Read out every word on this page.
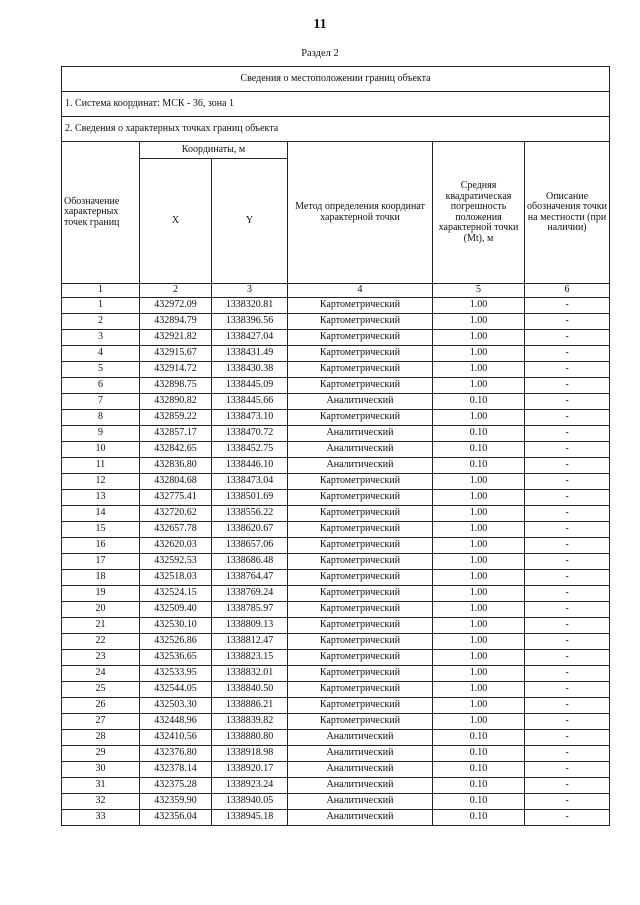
11
Раздел 2
Сведения о местоположении границ объекта					
1. Система координат: МСК - 36, зона 1					
2. Сведения о характерных точках границ объекта					
Обозначение характерных точек границ	Координаты, м		Метод определения координат характерной точки	Средняя квадратическая погрешность положения характерной точки (Mt), м	Описание обозначения точки на местности (при наличии)
	X	Y			
1	2	3	4	5	6
1	432972.09	1338320.81	Картометрический	1.00	-
2	432894.79	1338396.56	Картометрический	1.00	-
3	432921.82	1338427.04	Картометрический	1.00	-
4	432915.67	1338431.49	Картометрический	1.00	-
5	432914.72	1338430.38	Картометрический	1.00	-
6	432898.75	1338445.09	Картометрический	1.00	-
7	432890.82	1338445.66	Аналитический	0.10	-
8	432859.22	1338473.10	Картометрический	1.00	-
9	432857.17	1338470.72	Аналитический	0.10	-
10	432842.65	1338452.75	Аналитический	0.10	-
11	432836.80	1338446.10	Аналитический	0.10	-
12	432804.68	1338473.04	Картометрический	1.00	-
13	432775.41	1338501.69	Картометрический	1.00	-
14	432720.62	1338556.22	Картометрический	1.00	-
15	432657.78	1338620.67	Картометрический	1.00	-
16	432620.03	1338657.06	Картометрический	1.00	-
17	432592.53	1338686.48	Картометрический	1.00	-
18	432518.03	1338764.47	Картометрический	1.00	-
19	432524.15	1338769.24	Картометрический	1.00	-
20	432509.40	1338785.97	Картометрический	1.00	-
21	432530.10	1338809.13	Картометрический	1.00	-
22	432526.86	1338812.47	Картометрический	1.00	-
23	432536.65	1338823.15	Картометрический	1.00	-
24	432533.95	1338832.01	Картометрический	1.00	-
25	432544.05	1338840.50	Картометрический	1.00	-
26	432503.30	1338886.21	Картометрический	1.00	-
27	432448.96	1338839.82	Картометрический	1.00	-
28	432410.56	1338880.80	Аналитический	0.10	-
29	432376.80	1338918.98	Аналитический	0.10	-
30	432378.14	1338920.17	Аналитический	0.10	-
31	432375.28	1338923.24	Аналитический	0.10	-
32	432359.90	1338940.05	Аналитический	0.10	-
33	432356.04	1338945.18	Аналитический	0.10	-
